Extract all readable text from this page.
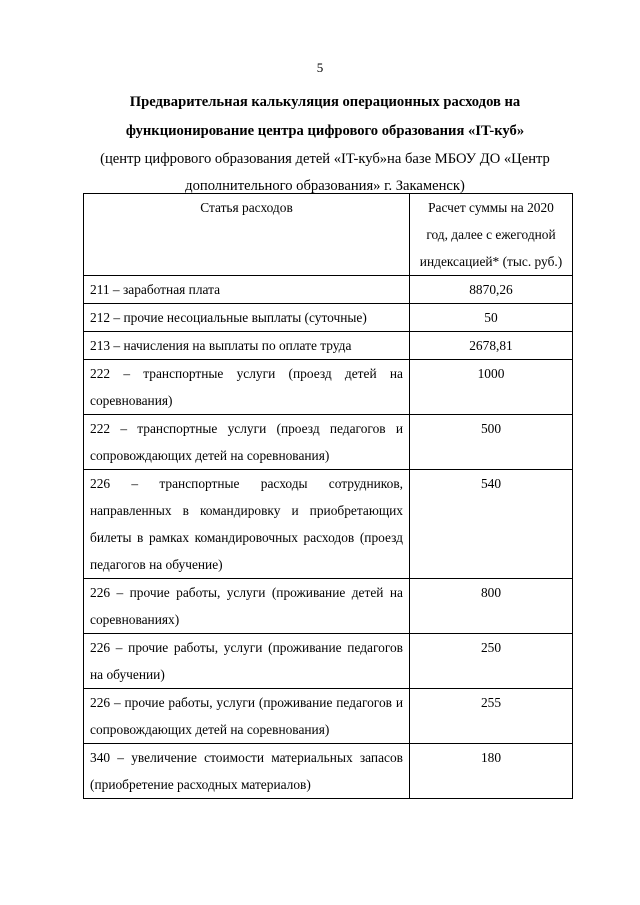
5
Предварительная калькуляция операционных расходов на функционирование центра цифрового образования «IT-куб»
(центр цифрового образования детей «IT-куб»на базе МБОУ ДО «Центр дополнительного образования» г. Закаменск)
Статья расходов	Расчет суммы на 2020 год, далее с ежегодной индексацией* (тыс. руб.)
211 – заработная плата	8870,26
212 – прочие несоциальные выплаты (суточные)	50
213 – начисления на выплаты по оплате труда	2678,81
222 – транспортные услуги (проезд детей на соревнования)	1000
222 – транспортные услуги (проезд педагогов и сопровождающих детей на соревнования)	500
226 – транспортные расходы сотрудников, направленных в командировку и приобретающих билеты в рамках командировочных расходов (проезд педагогов на обучение)	540
226 – прочие работы, услуги (проживание детей на соревнованиях)	800
226 – прочие работы, услуги (проживание педагогов на обучении)	250
226 – прочие работы, услуги (проживание педагогов и сопровождающих детей на соревнования)	255
340 – увеличение стоимости материальных запасов (приобретение расходных материалов)	180
